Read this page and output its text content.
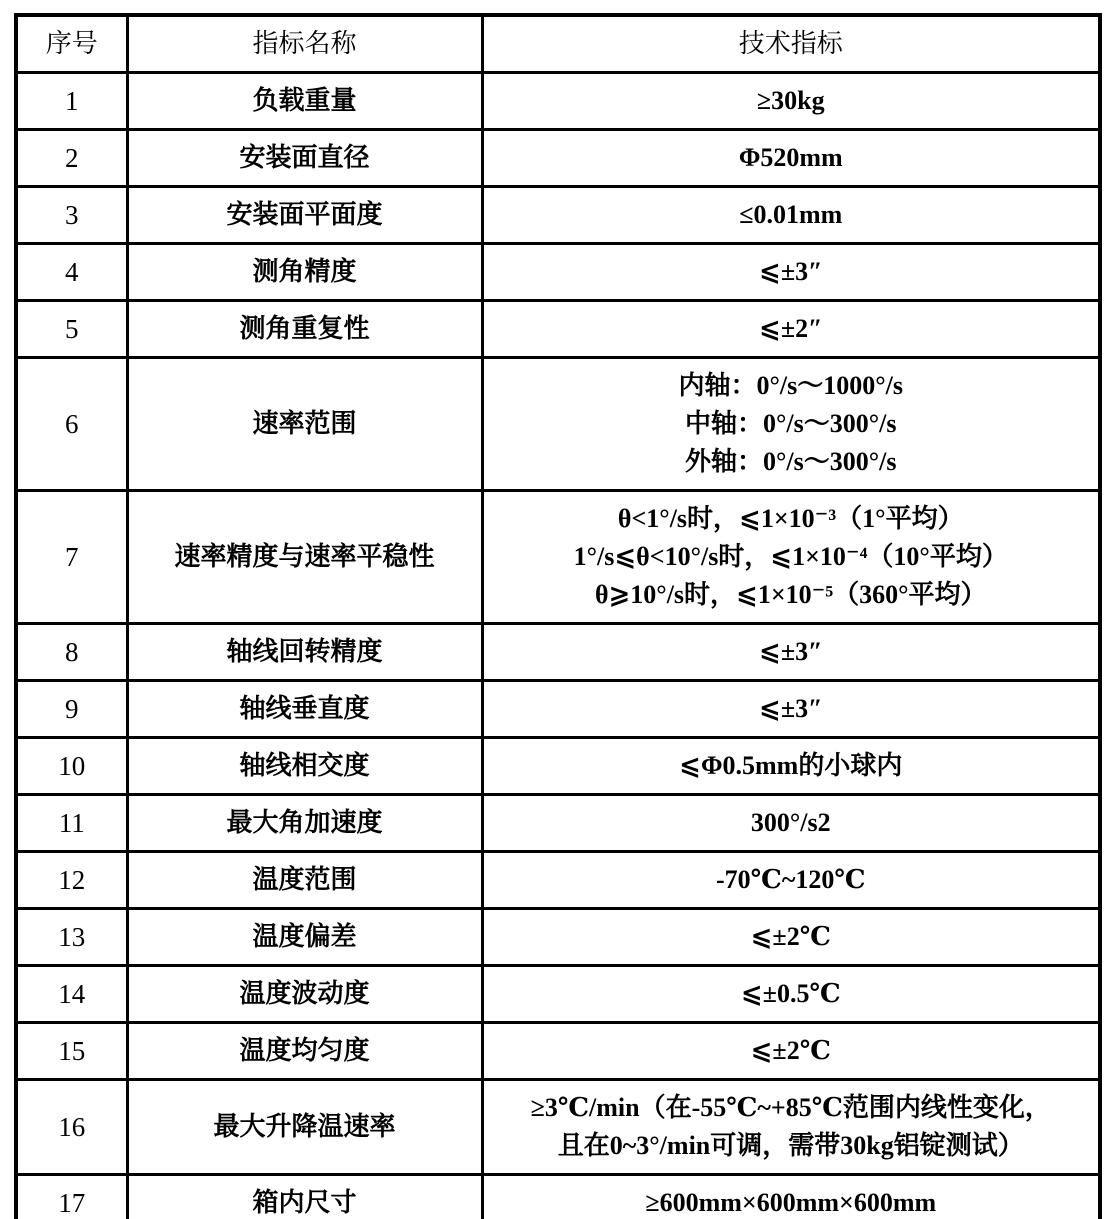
序号	指标名称	技术指标
1	负载重量	≥30kg

2	安装面直径	Φ520mm

3	安装面平面度	≤0.01mm

4	测角精度	⩽±3″

5	测角重复性	⩽±2″

6	速率范围	内轴：0°/s～1000°/s
中轴：0°/s～300°/s
外轴：0°/s～300°/s

7	速率精度与速率平稳性	θ<1°/s时，⩽1×10⁻³（1°平均）
1°/s⩽θ<10°/s时，⩽1×10⁻⁴（10°平均）
θ⩾10°/s时，⩽1×10⁻⁵（360°平均）

8	轴线回转精度	⩽±3″

9	轴线垂直度	⩽±3″

10	轴线相交度	⩽Φ0.5mm的小球内

11	最大角加速度	300°/s2

12	温度范围	-70℃~120℃

13	温度偏差	⩽±2℃

14	温度波动度	⩽±0.5℃

15	温度均匀度	⩽±2℃

16	最大升降温速率	≥3℃/min（在-55℃~+85℃范围内线性变化，
且在0~3°/min可调，需带30kg铝锭测试）

17	箱内尺寸	≥600mm×600mm×600mm
